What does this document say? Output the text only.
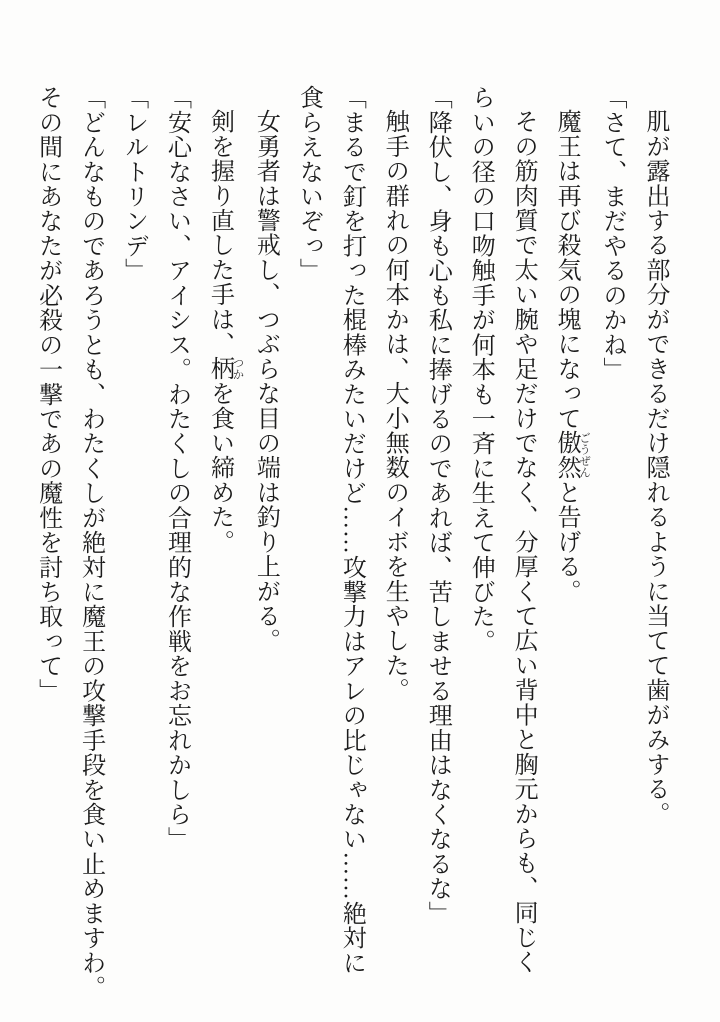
肌が露出する部分ができるだけ隠れるように当てて歯がみする。

「さて、まだやるのかね」

魔王は再び殺気の塊になって傲然 ごうぜんと告げる。

その筋肉質で太い腕や足だけでなく、分厚くて広い背中と胸元からも、同じく

らいの径の口吻触手が何本も一斉に生えて伸びた。

「降伏し、身も心も私に捧げるのであれば、苦しませる理由はなくなるな」

触手の群れの何本かは、大小無数のイボを生やした。

「まるで釘を打った棍棒みたいだけど……攻撃力はアレの比じゃない……絶対に

食らえないぞっ」

女勇者は警戒し、つぶらな目の端は釣り上がる。

剣を握り直した手は、柄 つかを食い締めた。

「安心なさい、アイシス。わたくしの合理的な作戦をお忘れかしら」

「レルトリンデ」

「どんなものであろうとも、わたくしが絶対に魔王の攻撃手段を食い止めますわ。

その間にあなたが必殺の一撃であの魔性を討ち取って」
